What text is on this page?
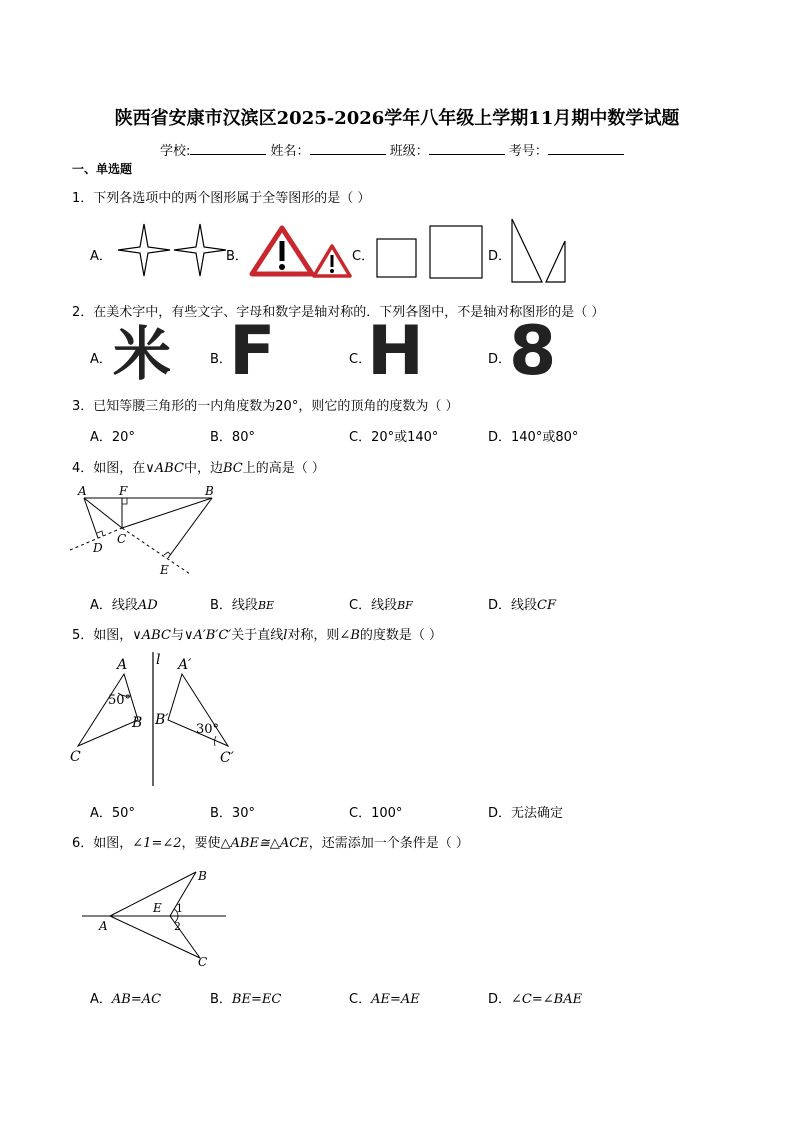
陕西省安康市汉滨区2025-2026学年八年级上学期11月期中数学试题
学校:	姓名：	班级：	考号：
一、单选题
1．下列各选项中的两个图形属于全等图形的是（ ）
A．	B．	C．	D．
2．在美术字中，有些文字、字母和数字是轴对称的．下列各图中，不是轴对称图形的是（ ）
A． 米	B．
F	C．
H	D．
8
3．已知等腰三角形的一内角度数为20°，则它的顶角的度数为（ ）
A．20°	B．80°	C．20°或140°	D．140°或80°
4．如图，在∨ABC中，边BC上的高是（ ）
A	F	B
D
C
E
A．线段AD	B．线段BE	C．线段BF	D．线段CF
5．如图，∨ABC与∨A′B′C′关于直线l对称，则∠B的度数是（ ）
A
B
C
A′
B′
C′
l
50°
30°
A．50°	B．30°	C．100°	D．无法确定
6．如图，∠1=∠2，要使△ABE≅△ACE，还需添加一个条件是（ ）
A
B
C
E 1
2
A．AB=AC	B．BE=EC	C．AE=AE	D．∠C=∠BAE
